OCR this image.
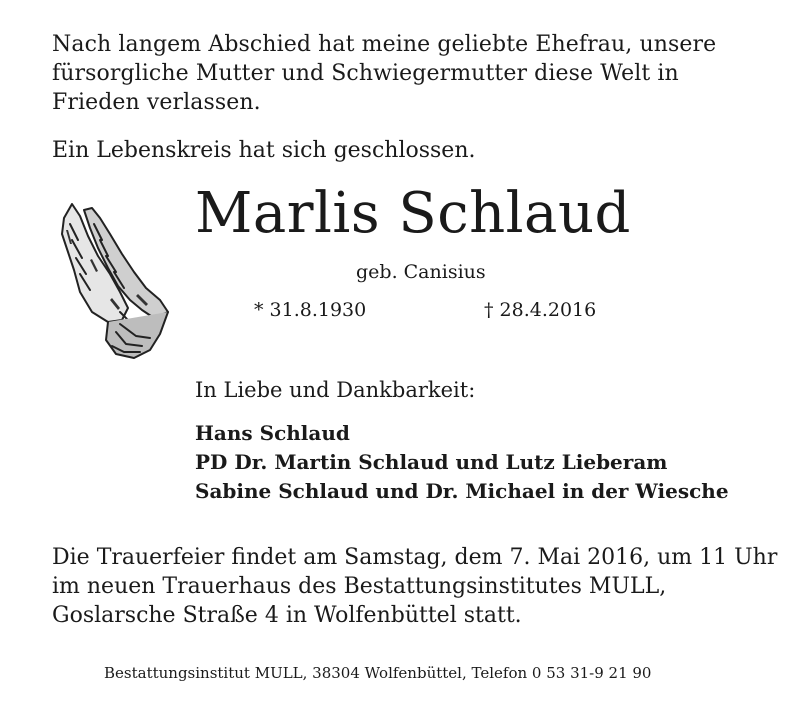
Nach langem Abschied hat meine geliebte Ehefrau, unsere
fürsorgliche Mutter und Schwiegermutter diese Welt in
Frieden verlassen.

Ein Lebenskreis hat sich geschlossen.

Marlis Schlaud

geb. Canisius

* 31.8.1930	† 28.4.2016

In Liebe und Dankbarkeit:

Hans Schlaud
PD Dr. Martin Schlaud und Lutz Lieberam
Sabine Schlaud und Dr. Michael in der Wiesche
Die Trauerfeier findet am Samstag, dem 7. Mai 2016, um 11 Uhr
im neuen Trauerhaus des Bestattungsinstitutes MULL,
Goslarsche Straße 4 in Wolfenbüttel statt.

Bestattungsinstitut MULL, 38304 Wolfenbüttel, Telefon 0 53 31-9 21 90
